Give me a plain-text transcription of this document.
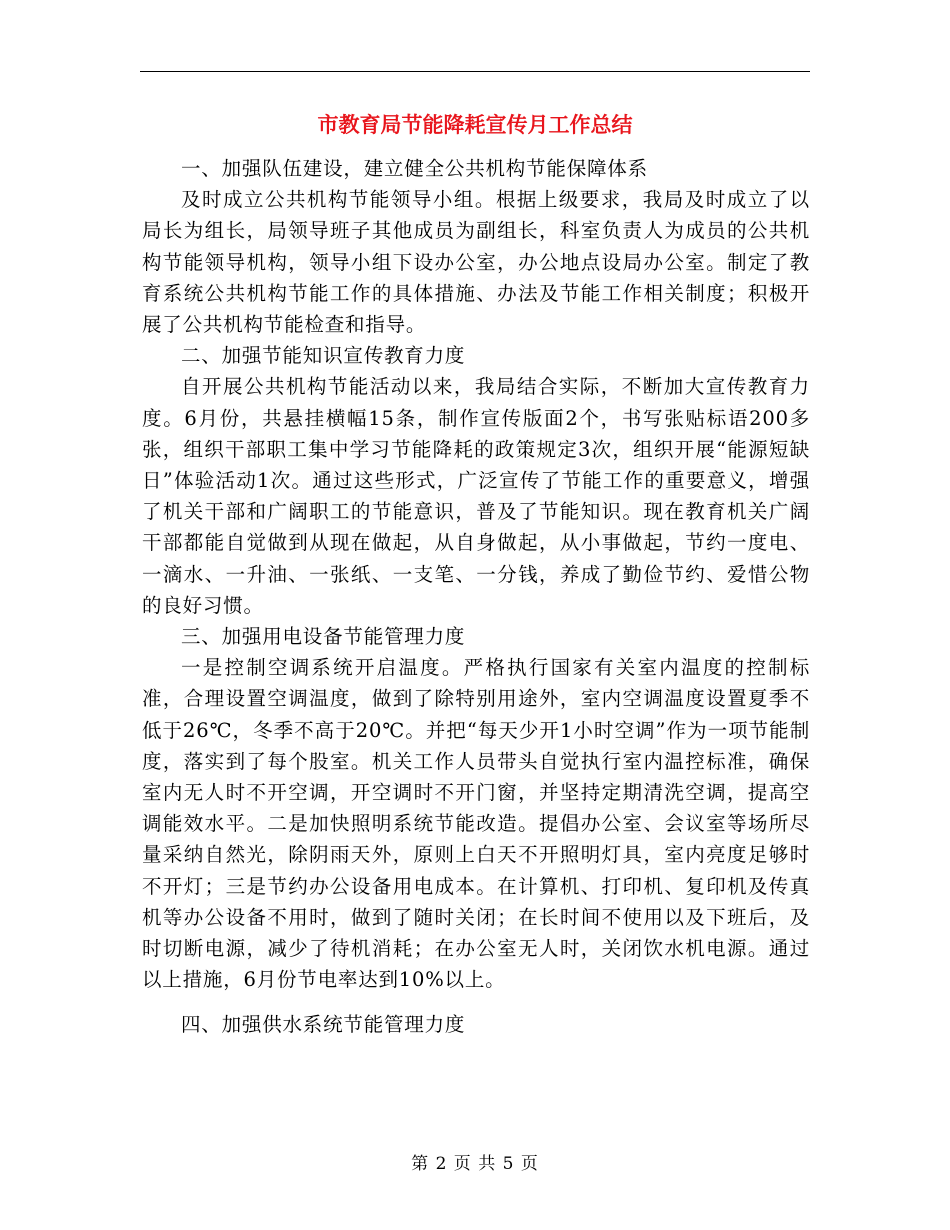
市教育局节能降耗宣传月工作总结

一、加强队伍建设，建立健全公共机构节能保障体系

及时成立公共机构节能领导小组。根据上级要求，我局及时成立了以局长为组长，局领导班子其他成员为副组长，科室负责人为成员的公共机构节能领导机构，领导小组下设办公室，办公地点设局办公室。制定了教育系统公共机构节能工作的具体措施、办法及节能工作相关制度；积极开展了公共机构节能检查和指导。

二、加强节能知识宣传教育力度

自开展公共机构节能活动以来，我局结合实际，不断加大宣传教育力度。6月份，共悬挂横幅15条，制作宣传版面2个，书写张贴标语200多张，组织干部职工集中学习节能降耗的政策规定3次，组织开展“能源短缺日”体验活动1次。通过这些形式，广泛宣传了节能工作的重要意义，增强了机关干部和广阔职工的节能意识，普及了节能知识。现在教育机关广阔干部都能自觉做到从现在做起，从自身做起，从小事做起，节约一度电、一滴水、一升油、一张纸、一支笔、一分钱，养成了勤俭节约、爱惜公物的良好习惯。

三、加强用电设备节能管理力度

一是控制空调系统开启温度。严格执行国家有关室内温度的控制标准，合理设置空调温度，做到了除特别用途外，室内空调温度设置夏季不低于26℃，冬季不高于20℃。并把“每天少开1小时空调”作为一项节能制度，落实到了每个股室。机关工作人员带头自觉执行室内温控标准，确保室内无人时不开空调，开空调时不开门窗，并坚持定期清洗空调，提高空调能效水平。二是加快照明系统节能改造。提倡办公室、会议室等场所尽量采纳自然光，除阴雨天外，原则上白天不开照明灯具，室内亮度足够时不开灯；三是节约办公设备用电成本。在计算机、打印机、复印机及传真机等办公设备不用时，做到了随时关闭；在长时间不使用以及下班后，及时切断电源，减少了待机消耗；在办公室无人时，关闭饮水机电源。通过以上措施，6月份节电率达到10%以上。

四、加强供水系统节能管理力度

第 2 页 共 5 页
